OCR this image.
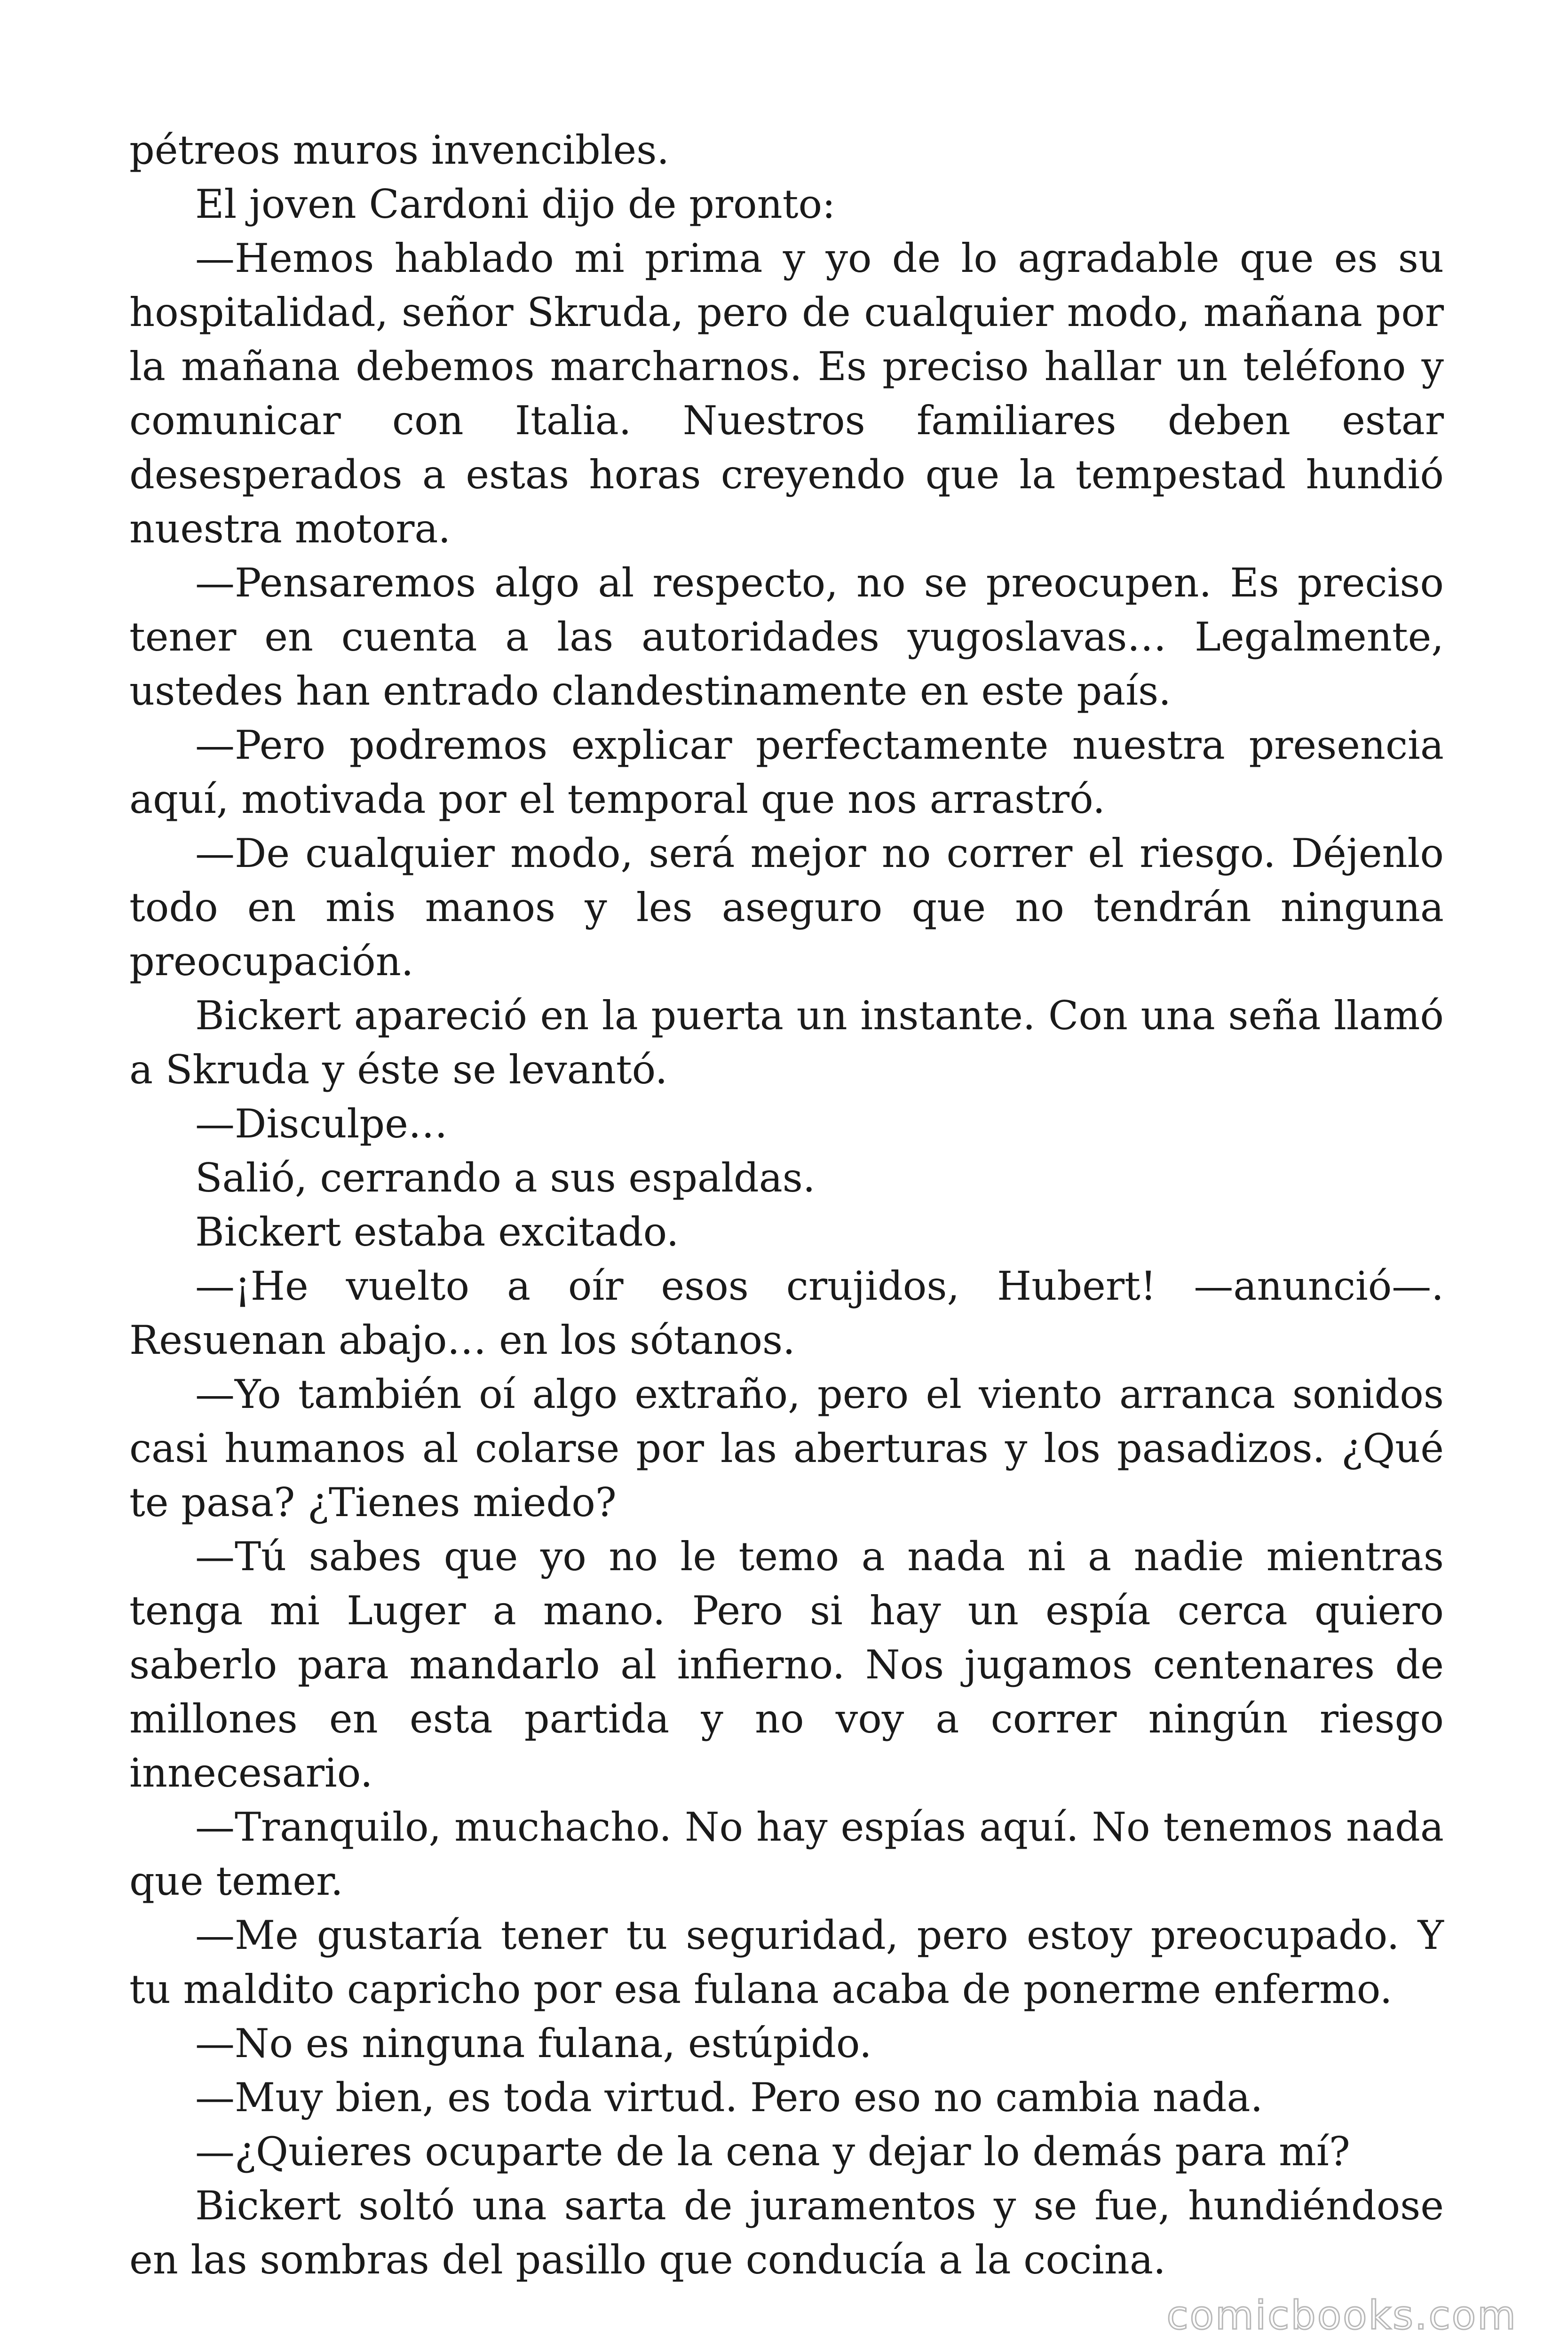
pétreos muros invencibles.

El joven Cardoni dijo de pronto:

—Hemos hablado mi prima y yo de lo agradable que es su hospitalidad, señor Skruda, pero de cualquier modo, mañana por la mañana debemos marcharnos. Es preciso hallar un teléfono y comunicar con Italia. Nuestros familiares deben estar desesperados a estas horas creyendo que la tempestad hundió nuestra motora.

—Pensaremos algo al respecto, no se preocupen. Es preciso tener en cuenta a las autoridades yugoslavas… Legalmente, ustedes han entrado clandestinamente en este país.

—Pero podremos explicar perfectamente nuestra presencia aquí, motivada por el temporal que nos arrastró.

—De cualquier modo, será mejor no correr el riesgo. Déjenlo todo en mis manos y les aseguro que no tendrán ninguna preocupación.

Bickert apareció en la puerta un instante. Con una seña llamó a Skruda y éste se levantó.

—Disculpe…

Salió, cerrando a sus espaldas.

Bickert estaba excitado.

—¡He vuelto a oír esos crujidos, Hubert! —anunció—. Resuenan abajo… en los sótanos.

—Yo también oí algo extraño, pero el viento arranca sonidos casi humanos al colarse por las aberturas y los pasadizos. ¿Qué te pasa? ¿Tienes miedo?

—Tú sabes que yo no le temo a nada ni a nadie mientras tenga mi Luger a mano. Pero si hay un espía cerca quiero saberlo para mandarlo al infierno. Nos jugamos centenares de millones en esta partida y no voy a correr ningún riesgo innecesario.

—Tranquilo, muchacho. No hay espías aquí. No tenemos nada que temer.

—Me gustaría tener tu seguridad, pero estoy preocupado. Y tu maldito capricho por esa fulana acaba de ponerme enfermo.

—No es ninguna fulana, estúpido.

—Muy bien, es toda virtud. Pero eso no cambia nada.

—¿Quieres ocuparte de la cena y dejar lo demás para mí?

Bickert soltó una sarta de juramentos y se fue, hundiéndose en las sombras del pasillo que conducía a la cocina.

comicbooks.com
